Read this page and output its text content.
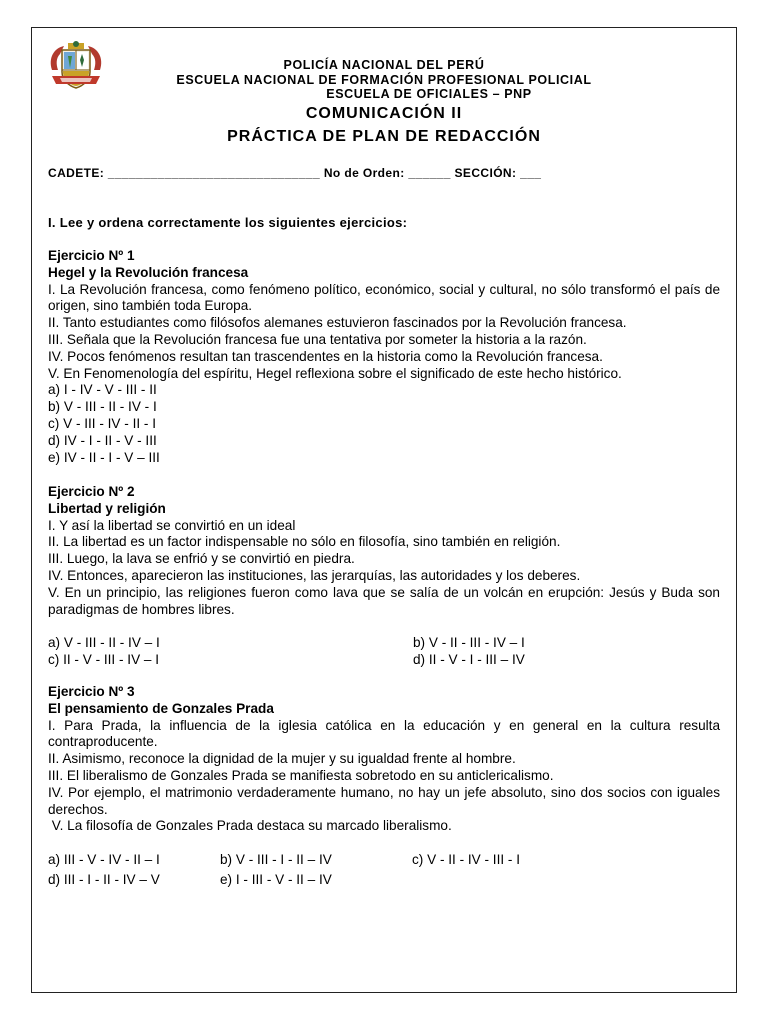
POLICÍA NACIONAL DEL PERÚ

ESCUELA NACIONAL DE FORMACIÓN PROFESIONAL POLICIAL

ESCUELA DE OFICIALES – PNP

COMUNICACIÓN II

PRÁCTICA DE PLAN DE REDACCIÓN

CADETE: ______________________________ No de Orden: ______ SECCIÓN: ___
I. Lee y ordena correctamente los siguientes ejercicios:
Ejercicio Nº 1
Hegel y la Revolución francesa
I. La Revolución francesa, como fenómeno político, económico, social y cultural, no sólo transformó el país de origen, sino también toda Europa.
II. Tanto estudiantes como filósofos alemanes estuvieron fascinados por la Revolución francesa.
III. Señala que la Revolución francesa fue una tentativa por someter la historia a la razón.
IV. Pocos fenómenos resultan tan trascendentes en la historia como la Revolución francesa.
V. En Fenomenología del espíritu, Hegel reflexiona sobre el significado de este hecho histórico.
a) I - IV - V - III - II
b) V - III - II - IV - I
c) V - III - IV - II - I
d) IV - I - II - V - III
e) IV - II - I - V – III
Ejercicio Nº 2
Libertad y religión
I. Y así la libertad se convirtió en un ideal
II. La libertad es un factor indispensable no sólo en filosofía, sino también en religión.
III. Luego, la lava se enfrió y se convirtió en piedra.
IV. Entonces, aparecieron las instituciones, las jerarquías, las autoridades y los deberes.
V. En un principio, las religiones fueron como lava que se salía de un volcán en erupción: Jesús y Buda son paradigmas de hombres libres.
a) V - III - II - IV – I	b) V - II - III - IV – I
c) II - V - III - IV – I	d) II - V - I - III – IV
Ejercicio Nº 3
El pensamiento de Gonzales Prada
I. Para Prada, la influencia de la iglesia católica en la educación y en general en la cultura resulta contraproducente.
II. Asimismo, reconoce la dignidad de la mujer y su igualdad frente al hombre.
III. El liberalismo de Gonzales Prada se manifiesta sobretodo en su anticlericalismo.
IV. Por ejemplo, el matrimonio verdaderamente humano, no hay un jefe absoluto, sino dos socios con iguales derechos.
V. La filosofía de Gonzales Prada destaca su marcado liberalismo.
a) III - V - IV - II – I	b) V - III - I - II – IV	c) V - II - IV - III - I
d) III - I - II - IV – V	e) I - III - V - II – IV
